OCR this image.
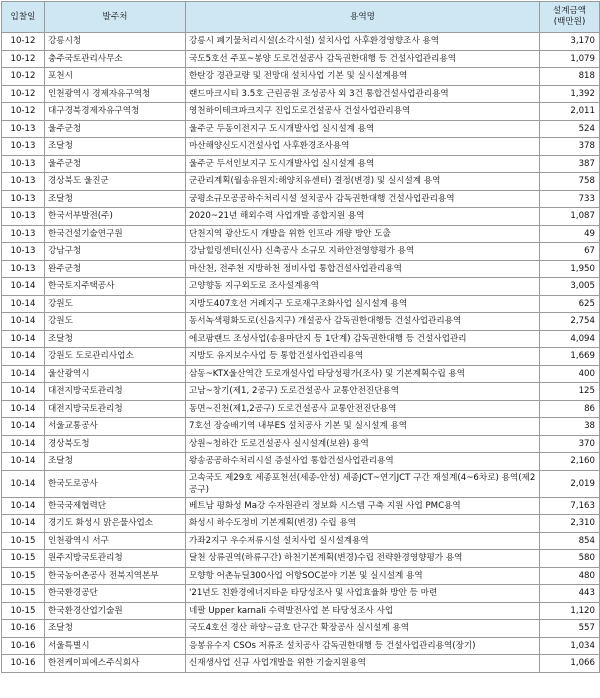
입찰일	발주처	용역명	설계금액
(백만원)

10-12	강릉시청	강릉시 폐기물처리시설(소각시설) 설치사업 사후환경영향조사 용역	3,170
10-12	충주국토관리사무소	국도5호선 주포~봉양 도로건설공사 감독권한대행 등 건설사업관리용역	1,079
10-12	포천시	한탄강 경관교량 및 전망대 설치사업 기본 및 실시설계용역	818
10-12	인천광역시 경제자유구역청	랜드마크시티 3.5호 근린공원 조성공사 외 3건 통합건설사업관리용역	1,392
10-12	대구경북경제자유구역청	영천하이테크파크지구 진입도로건설공사 건설사업관리용역	2,011
10-13	울주군청	울주군 두동이전지구 도시개발사업 실시설계 용역	524
10-13	조달청	마산해양신도시건설사업 사후환경조사용역	378
10-13	울주군청	울주군 두서인보지구 도시개발사업 실시설계 용역	387
10-13	경상북도 울진군	군관리계획(월송유원지:해양치유센터) 결정(변경) 및 실시설계 용역	758
10-13	조달청	궁평소규모공공하수처리시설 설치공사 감독권한대행 건설사업관리용역	733
10-13	한국서부발전(주)	2020~21년 해외수력 사업개발 종합지원 용역	1,087
10-13	한국건설기술연구원	단천지역 광산도시 개발을 위한 인프라 개량 방안 도출	49
10-13	강남구청	강남힐링센터(신사) 신축공사 소규모 지하안전영향평가 용역	67
10-13	완주군청	마산천, 전주천 지방하천 정비사업 통합건설사업관리용역	1,950
10-14	한국토지주택공사	고양향동 지구외도로 조사설계용역	3,005
10-14	강원도	지방도407호선 거례지구 도로재구조화사업 실시설계 용역	625
10-14	강원도	동서녹색평화도로(신음지구) 개설공사 감독권한대행등 건설사업관리용역	2,754
10-14	조달청	에코팜랜드 조성사업(송용마단지 등 1단계) 감독권한대행 등 건설사업관리	4,094
10-14	강원도 도로관리사업소	지방도 유지보수사업 등 통합건설사업관리용역	1,669
10-14	울산광역시	삼동~KTX울산역간 도로개설사업 타당성평가(조사) 및 기본계획수립 용역	400
10-14	대전지방국토관리청	고남~창기(제1, 2공구) 도로건설공사 교통안전진단용역	125
10-14	대전지방국토관리청	동면~진천(제1,2공구) 도로건설공사 교통안전진단용역	86
10-14	서울교통공사	7호선 장승배기역 내부ES 설치공사 기본 및 실시설계 용역	38
10-14	경상북도청	상원~청하간 도로건설공사 실시설계(보완) 용역	370
10-14	조달청	왕송공공하수처리시설 증설사업 통합건설사업관리용역	2,160
10-14	한국도로공사	고속국도 제29호 세종포천선(세종-안성) 세종JCT~연기JCT 구간 재설계(4~6차로) 용역(제2공구)	2,019
10-14	한국국제협력단	베트남 평화성 Ma강 수자원관리 정보화 시스템 구축 지원 사업 PMC용역	7,163
10-14	경기도 화성시 맑은물사업소	화성시 하수도정비 기본계획(변경) 수립 용역	2,310
10-15	인천광역시 서구	가좌2지구 우수저류시설 설치사업 실시설계용역	854
10-15	원주지방국토관리청	달천 상류권역(하류구간) 하천기본계획(변경)수립 전략환경영향평가 용역	580
10-15	한국농어촌공사 전북지역본부	모향항 어촌뉴딜300사업 어항SOC분야 기본 및 실시설계 용역	480
10-15	한국환경공단	'21년도 친환경에너지타운 타당성조사 및 사업효율화 방안 등 마련	443
10-15	한국환경산업기술원	네팔 Upper karnali 수력발전사업 본 타당성조사 사업	1,120
10-16	조달청	국도4호선 경산 하양~금호 단구간 확장공사 실시설계 용역	557
10-16	서울특별시	응봉유수지 CSOs 저류조 설치공사 감독권한대행 등 건설사업관리용역(장기)	1,034
10-16	한전케이피에스주식회사	신재생사업 신규 사업개발을 위한 기술지원용역	1,066
